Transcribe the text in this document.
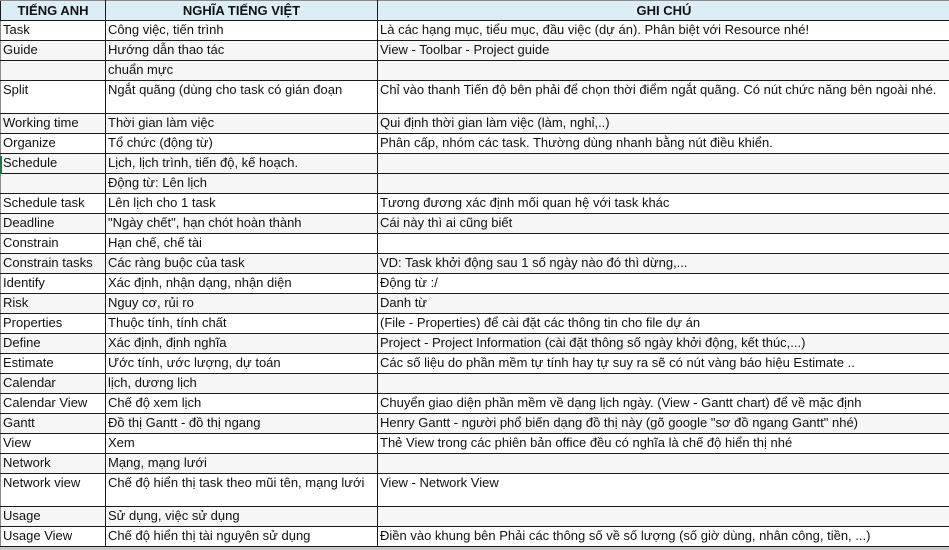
TIẾNG ANH	NGHĨA TIẾNG VIỆT	GHI CHÚ
Task	Công việc, tiến trình	Là các hạng mục, tiểu mục, đầu việc (dự án). Phân biệt với Resource nhé!
Guide	Hướng dẫn thao tác	View - Toolbar - Project guide
	chuẩn mực	
Split	Ngắt quãng (dùng cho task có gián đoạn	Chỉ vào thanh Tiến độ bên phải để chọn thời điểm ngắt quãng. Có nút chức năng bên ngoài nhé.
Working time	Thời gian làm việc	Qui định thời gian làm việc (làm, nghỉ,..)
Organize	Tổ chức (động từ)	Phân cấp, nhóm các task. Thường dùng nhanh bằng nút điều khiển.
Schedule	Lịch, lịch trình, tiến độ, kế hoạch.	
	Động từ: Lên lịch	
Schedule task	Lên lịch cho 1 task	Tương đương xác định mối quan hệ với task khác
Deadline	"Ngày chết", hạn chót hoàn thành	Cái này thì ai cũng biết
Constrain	Hạn chế, chế tài	
Constrain tasks	Các ràng buộc của task	VD: Task khởi động sau 1 số ngày nào đó thì dừng,...
Identify	Xác định, nhận dạng, nhận diện	Động từ :/
Risk	Nguy cơ, rủi ro	Danh từ
Properties	Thuộc tính, tính chất	(File - Properties) để cài đặt các thông tin cho file dự án
Define	Xác định, định nghĩa	Project - Project Information (cài đặt thông số ngày khởi động, kết thúc,...)
Estimate	Ước tính, ước lượng, dự toán	Các số liệu do phần mềm tự tính hay tự suy ra sẽ có nút vàng báo hiệu Estimate ..
Calendar	lịch, dương lịch	
Calendar View	Chế độ xem lịch	Chuyển giao diện phần mềm về dạng lịch ngày. (View - Gantt chart) để về mặc định
Gantt	Đồ thị Gantt - đồ thị ngang	Henry Gantt - người phổ biến dạng đồ thị này (gõ google "sơ đồ ngang Gantt" nhé)
View	Xem	Thẻ View trong các phiên bản office đều có nghĩa là chế độ hiển thị nhé
Network	Mạng, mạng lưới	
Network view	Chế độ hiển thị task theo mũi tên, mạng lưới	View - Network View
Usage	Sử dụng, việc sử dụng	
Usage View	Chế độ hiển thị tài nguyên sử dụng	Điền vào khung bên Phải các thông số về số lượng (số giờ dùng, nhân công, tiền, ...)
